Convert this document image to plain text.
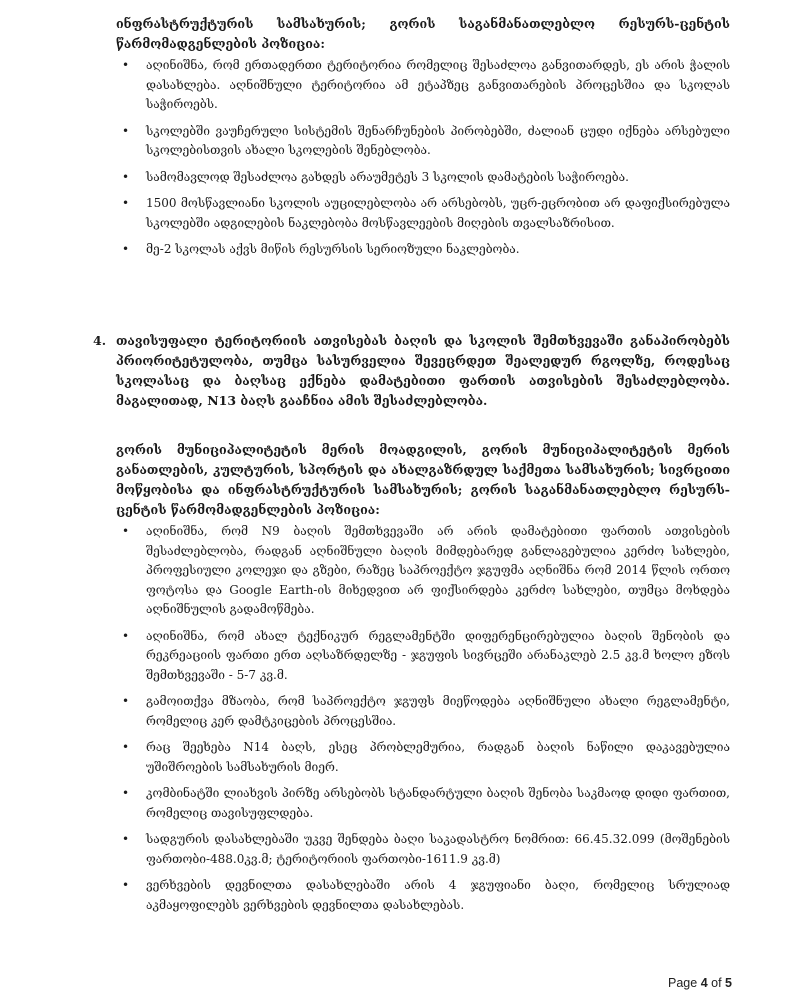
ინფრასტრუქტურის სამსახურის; გორის საგანმანათლებლო რესურს-ცენტის წარმომადგენლების პოზიცია:

• აღინიშნა, რომ ერთადერთი ტერიტორია რომელიც შესაძლოა განვითარდეს, ეს არის ჭალის დასახლება. აღნიშნული ტერიტორია ამ ეტაპზეც განვითარების პროცესშია და სკოლას საჭიროებს.
• სკოლებში ვაუჩერული სისტემის შენარჩუნების პირობებში, ძალიან ცუდი იქნება არსებული სკოლებისთვის ახალი სკოლების შენებლობა.
• სამომავლოდ შესაძლოა გახდეს არაუმეტეს 3 სკოლის დამატების საჭიროება.
• 1500 მოსწავლიანი სკოლის აუცილებლობა არ არსებობს, უცრ-ეცრობით არ დაფიქსირებულა სკოლებში ადგილების ნაკლებობა მოსწავლეების მიღების თვალსაზრისით.
• მე-2 სკოლას აქვს მიწის რესურსის სერიოზული ნაკლებობა.
4. თავისუფალი ტერიტორიის ათვისებას ბაღის და სკოლის შემთხვევაში განაპირობებს პრიორიტეტულობა, თუმცა სასურველია შევეცრდეთ შეალედურ რგოლზე, როდესაც სკოლასაც და ბაღსაც ექნება დამატებითი ფართის ათვისების შესაძლებლობა. მაგალითად, N13 ბაღს გააჩნია ამის შესაძლებლობა.

გორის მუნიციპალიტეტის მერის მოადგილის, გორის მუნიციპალიტეტის მერის განათლების, კულტურის, სპორტის და ახალგაზრდულ საქმეთა სამსახურის; სივრცითი მოწყობისა და ინფრასტრუქტურის სამსახურის; გორის საგანმანათლებლო რესურს-ცენტის წარმომადგენლების პოზიცია:

• აღინიშნა, რომ N9 ბაღის შემთხვევაში არ არის დამატებითი ფართის ათვისების შესაძლებლობა, რადგან აღნიშნული ბაღის მიმდებარედ განლაგებულია კერძო სახლები, პროფესიული კოლეჯი და გზები, რაზეც საპროექტო ჯგუფმა აღნიშნა რომ 2014 წლის ორთო ფოტოსა და Google Earth-ის მიხედვით არ ფიქსირდება კერძო სახლები, თუმცა მოხდება აღნიშნულის გადამოწმება.
• აღინიშნა, რომ ახალ ტექნიკურ რეგლამენტში დიფერენცირებულია ბაღის შენობის და რეკრეაციის ფართი ერთ აღსაზრდელზე - ჯგუფის სივრცეში არანაკლებ 2.5 კვ.მ ხოლო ეზოს შემთხვევაში - 5-7 კვ.მ.
• გამოითქვა მზაობა, რომ საპროექტო ჯგუფს მიეწოდება აღნიშნული ახალი რეგლამენტი, რომელიც კერ დამტკიცების პროცესშია.
• რაც შეეხება N14 ბაღს, ესეც პრობლემურია, რადგან ბაღის ნაწილი დაკავებულია უშიშროების სამსახურის მიერ.
• კომბინატში ლიახვის პირზე არსებობს სტანდარტული ბაღის შენობა საკმაოდ დიდი ფართით, რომელიც თავისუფლდება.
• სადგურის დასახლებაში უკვე შენდება ბაღი საკადასტრო ნომრით: 66.45.32.099 (მოშენების ფართობი-488.0კვ.მ; ტერიტორიის ფართობი-1611.9 კვ.მ)
• ვერხვების დევნილთა დასახლებაში არის 4 ჯგუფიანი ბაღი, რომელიც სრულიად აკმაყოფილებს ვერხვების დევნილთა დასახლებას.
Page 4 of 5
